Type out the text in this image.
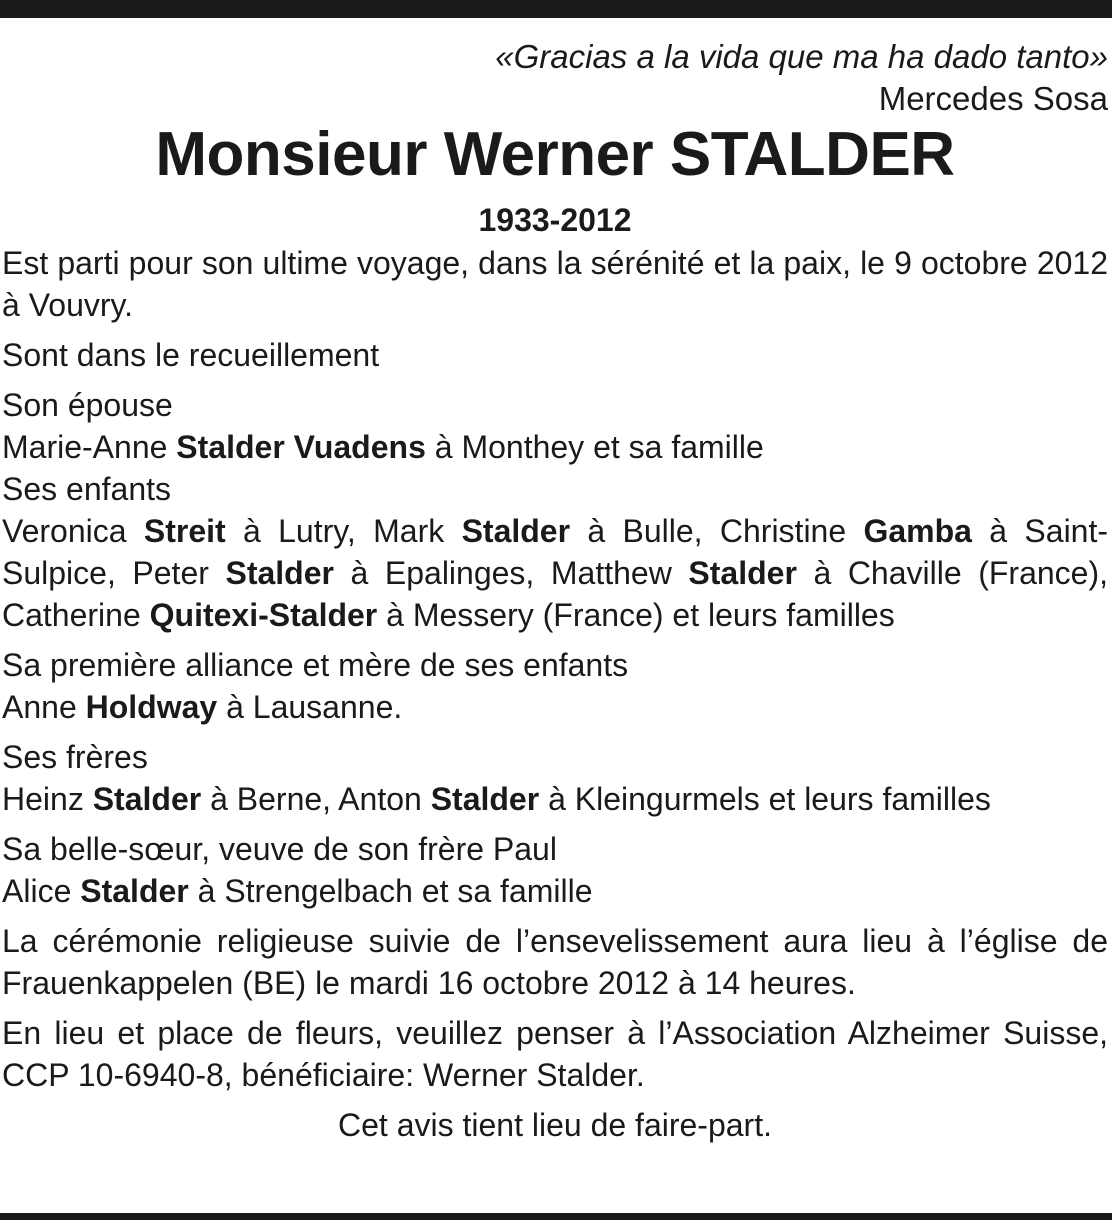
«Gracias a la vida que ma ha dado tanto»
Mercedes Sosa
Monsieur Werner STALDER
1933-2012

Est parti pour son ultime voyage, dans la sérénité et la paix, le 9 octobre 2012 à Vouvry.

Sont dans le recueillement

Son épouse

Marie-Anne Stalder Vuadens à Monthey et sa famille

Ses enfants

Veronica Streit à Lutry, Mark Stalder à Bulle, Christine Gamba à Saint-Sulpice, Peter Stalder à Epalinges, Matthew Stalder à Chaville (France), Catherine Quitexi-Stalder à Messery (France) et leurs familles

Sa première alliance et mère de ses enfants

Anne Holdway à Lausanne.

Ses frères

Heinz Stalder à Berne, Anton Stalder à Kleingurmels et leurs familles

Sa belle-sœur, veuve de son frère Paul

Alice Stalder à Strengelbach et sa famille

La cérémonie religieuse suivie de l’ensevelissement aura lieu à l’église de Frauenkappelen (BE) le mardi 16 octobre 2012 à 14 heures.

En lieu et place de fleurs, veuillez penser à l’Association Alzheimer Suisse, CCP 10-6940-8, bénéficiaire: Werner Stalder.

Cet avis tient lieu de faire-part.
